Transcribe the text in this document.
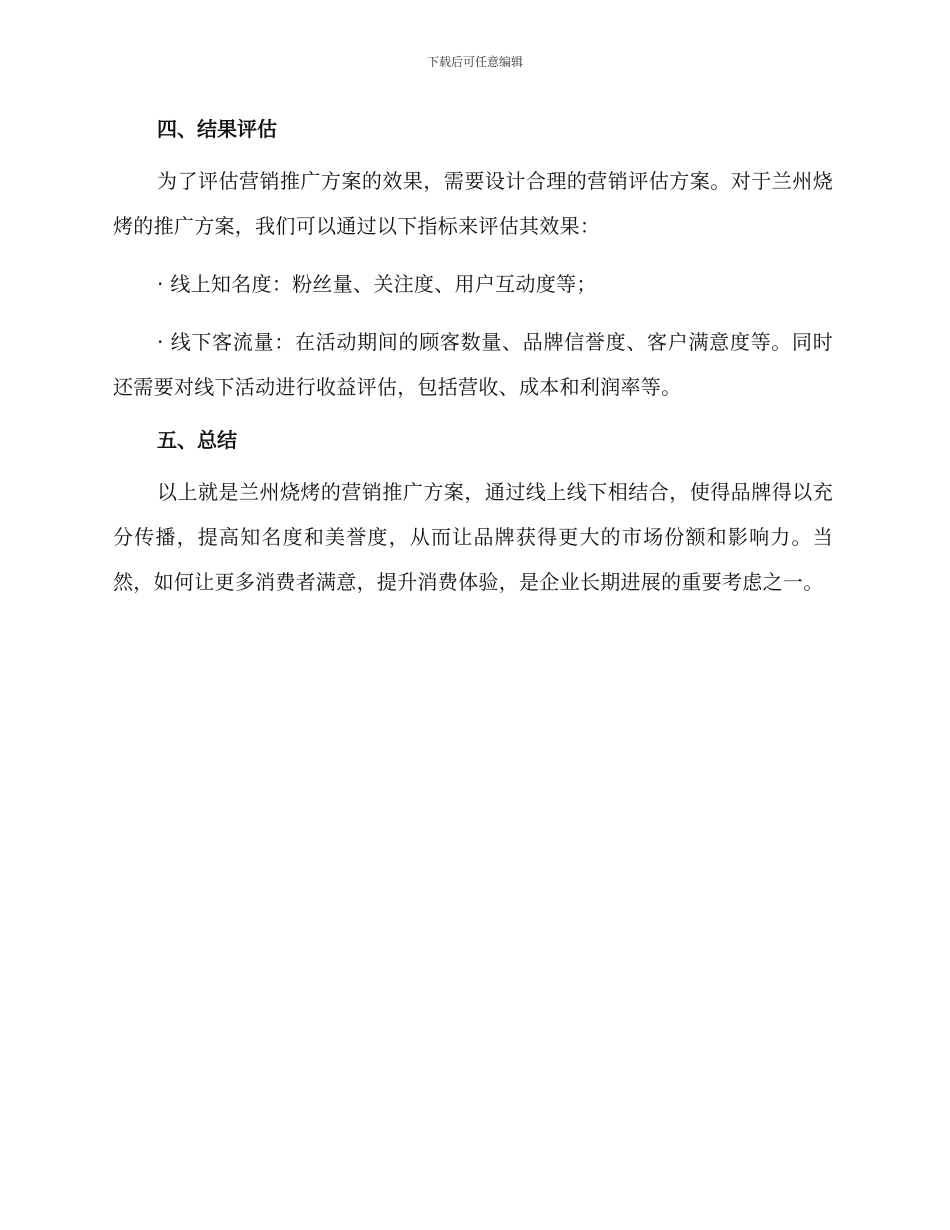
下载后可任意编辑
四、结果评估

为了评估营销推广方案的效果，需要设计合理的营销评估方案。对于兰州烧烤的推广方案，我们可以通过以下指标来评估其效果：

· 线上知名度：粉丝量、关注度、用户互动度等；

· 线下客流量：在活动期间的顾客数量、品牌信誉度、客户满意度等。同时还需要对线下活动进行收益评估，包括营收、成本和利润率等。

五、总结

以上就是兰州烧烤的营销推广方案，通过线上线下相结合，使得品牌得以充分传播，提高知名度和美誉度，从而让品牌获得更大的市场份额和影响力。当然，如何让更多消费者满意，提升消费体验，是企业长期进展的重要考虑之一。
